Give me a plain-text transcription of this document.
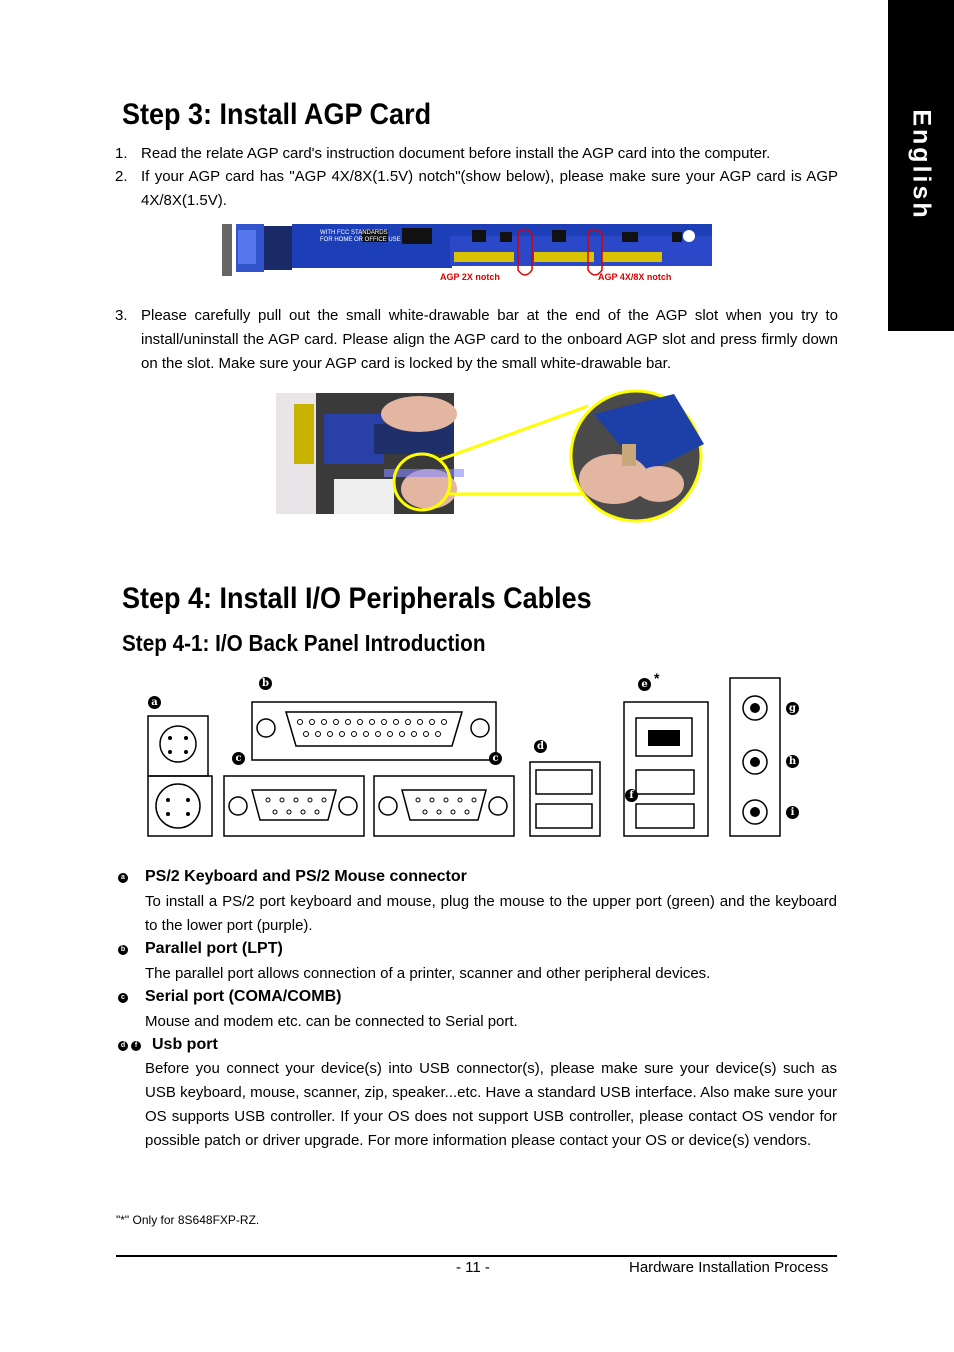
English
Step 3: Install AGP Card
1. Read the relate AGP card's instruction document before install the AGP card into the computer.
2. If your AGP card has "AGP 4X/8X(1.5V) notch"(show below), please make sure your AGP card is AGP 4X/8X(1.5V).
WITH FCC STANDARDS
FOR HOME OR OFFICE USE
AGP 2X notch	AGP 4X/8X notch
3. Please carefully pull out the small white-drawable bar at the end of the AGP slot when you try to install/uninstall the AGP card. Please align the AGP card to the onboard AGP slot and press firmly down on the slot. Make sure your AGP card is locked by the small white-drawable bar.
Step 4: Install I/O Peripherals Cables
Step 4-1: I/O Back Panel Introduction
a
b
c	c
d
e *
f
g
h
i
a PS/2 Keyboard and PS/2 Mouse connector
To install a PS/2 port keyboard and mouse, plug the mouse to the upper port (green) and the keyboard to the lower port (purple).
b Parallel port (LPT)
The parallel port allows connection of a printer, scanner and other peripheral devices.
c Serial port (COMA/COMB)
Mouse and modem etc. can be connected to Serial port.
d	f Usb port
Before you connect your device(s) into USB connector(s), please make sure your device(s) such as USB keyboard, mouse, scanner, zip, speaker...etc. Have a standard USB interface. Also make sure your OS supports USB controller. If your OS does not support USB controller, please contact OS vendor for possible patch or driver upgrade. For more information please contact your OS or device(s) vendors.
"*" Only for 8S648FXP-RZ.
- 11 -	Hardware Installation Process
